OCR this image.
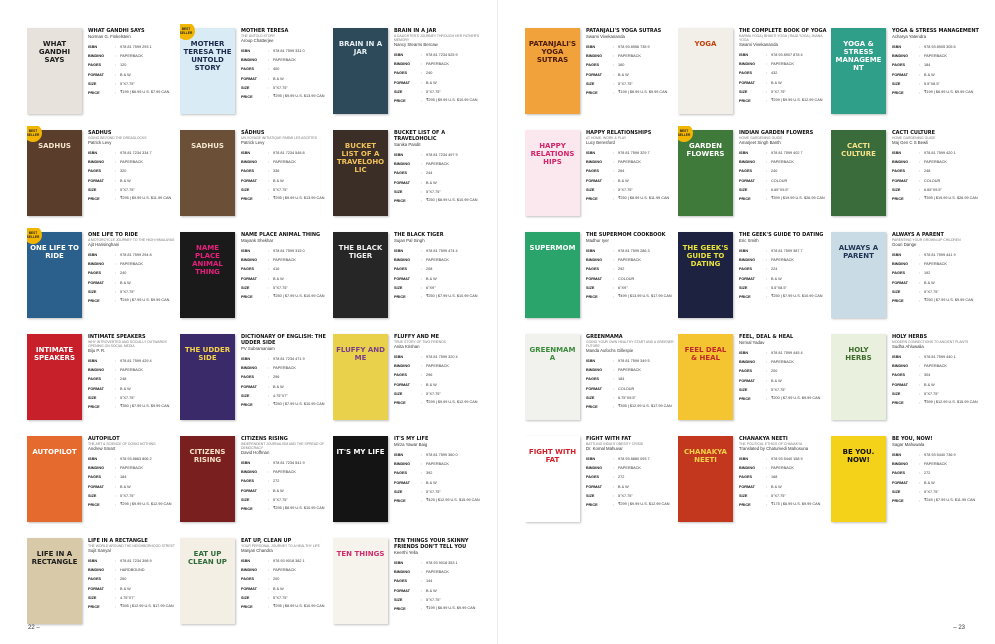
WHAT GANDHI SAYS
WHAT GANDHI SAYS
Norman G. Finkelstein
ISBN	:	978 81 7599 293 1
BINDING	:	PAPERBACK
PAGES	:	120
FORMAT	:	B & W
SIZE	:	5"X7.75"
PRICE	:	₹199 | $6.99 U.S. $7.99 CAN
MOTHER TERESA THE UNTOLD STORY
MOTHER TERESA
THE UNTOLD STORY
Aroup Chatterjee
ISBN	:	978 81 7599 331 0
BINDING	:	PAPERBACK
PAGES	:	400
FORMAT	:	B & W
SIZE	:	5"X7.75"
PRICE	:	₹295 | $9.99 U.S. $13.99 CAN
BEST SELLER
BRAIN IN A JAR
BRAIN IN A JAR
A DAUGHTER'S JOURNEY THROUGH HER FATHER'S MEMORY
Nancy Stearns Bercaw
ISBN	:	978 81 7234 525 9
BINDING	:	PAPERBACK
PAGES	:	240
FORMAT	:	B & W
SIZE	:	5"X7.75"
PRICE	:	₹295 | $9.99 U.S. $10.99 CAN
SADHUS
SADHUS
GOING BEYOND THE DREADLOCKS
Patrick Levy
ISBN	:	978 81 7234 334 7
BINDING	:	PAPERBACK
PAGES	:	320
FORMAT	:	B & W
SIZE	:	5"X7.75"
PRICE	:	₹295 | $9.99 U.S. $11.99 CAN
BEST SELLER
SADHUS
SĀDHUS
UN VOYAGE INITIATIQUE PARMI LES ASCÈTES
Patrick Levy
ISBN	:	978 81 7234 548 8
BINDING	:	PAPERBACK
PAGES	:	336
FORMAT	:	B & W
SIZE	:	5"X7.75"
PRICE	:	₹295 | $9.99 U.S. $13.99 CAN
BUCKET LIST OF A TRAVELOHOLIC
BUCKET LIST OF A TRAVELOHOLIC
Sanika Pandit
ISBN	:	978 81 7234 497 9
BINDING	:	PAPERBACK
PAGES	:	244
FORMAT	:	B & W
SIZE	:	5"X7.75"
PRICE	:	₹250 | $8.99 U.S. $10.99 CAN
ONE LIFE TO RIDE
ONE LIFE TO RIDE
A MOTORCYCLE JOURNEY TO THE HIGH HIMALAYAS
Ajit Harisinghani
ISBN	:	978 81 7599 294 8
BINDING	:	PAPERBACK
PAGES	:	240
FORMAT	:	B & W
SIZE	:	5"X7.75"
PRICE	:	₹249 | $7.99 U.S. $9.99 CAN
BEST SELLER
NAME PLACE ANIMAL THING
NAME PLACE ANIMAL THING
Mayank Shekhar
ISBN	:	978 81 7599 315 0
BINDING	:	PAPERBACK
PAGES	:	416
FORMAT	:	B & W
SIZE	:	5"X7.75"
PRICE	:	₹250 | $7.99 U.S. $10.99 CAN
THE BLACK TIGER
THE BLACK TIGER
Sujan Pal Singh
ISBN	:	978 81 7599 474 4
BINDING	:	PAPERBACK
PAGES	:	208
FORMAT	:	B & W
SIZE	:	6"X9"
PRICE	:	₹250 | $7.99 U.S. $10.99 CAN
INTIMATE SPEAKERS
INTIMATE SPEAKERS
WHY INTROVERTED AND SOCIALLY OUTWARDS OPENING ON SOCIAL MEDIA
Biju P. R.
ISBN	:	978 81 7599 429 4
BINDING	:	PAPERBACK
PAGES	:	248
FORMAT	:	B & W
SIZE	:	5"X7.75"
PRICE	:	₹350 | $7.99 U.S. $9.99 CAN
THE UDDER SIDE
DICTIONARY OF ENGLISH: THE UDDER SIDE
PV Subramaniam
ISBN	:	978 81 7234 471 9
BINDING	:	PAPERBACK
PAGES	:	296
FORMAT	:	B & W
SIZE	:	4.75"X7"
PRICE	:	₹250 | $7.99 U.S. $10.99 CAN
FLUFFY AND ME
FLUFFY AND ME
TRUE STORY OF TWO FRIENDS
Anita Krishan
ISBN	:	978 81 7599 320 4
BINDING	:	PAPERBACK
PAGES	:	296
FORMAT	:	B & W
SIZE	:	5"X7.75"
PRICE	:	₹299 | $9.99 U.S. $12.99 CAN
AUTOPILOT
AUTOPILOT
THE ART & SCIENCE OF DOING NOTHING
Andrew Smart
ISBN	:	978 93 8863 806 2
BINDING	:	PAPERBACK
PAGES	:	184
FORMAT	:	B & W
SIZE	:	5"X7.75"
PRICE	:	₹295 | $9.99 U.S. $12.99 CAN
CITIZENS RISING
CITIZENS RISING
INDEPENDENT JOURNALISM AND THE SPREAD OF DEMOCRACY
David Hoffman
ISBN	:	978 81 7234 541 9
BINDING	:	PAPERBACK
PAGES	:	272
FORMAT	:	B & W
SIZE	:	5"X7.75"
PRICE	:	₹295 | $8.99 U.S. $10.99 CAN
IT'S MY LIFE
IT'S MY LIFE
Mirza Yawar Baig
ISBN	:	978 81 7599 360 0
BINDING	:	PAPERBACK
PAGES	:	392
FORMAT	:	B & W
SIZE	:	5"X7.75"
PRICE	:	₹425 | $12.99 U.S. $15.99 CAN
LIFE IN A RECTANGLE
LIFE IN A RECTANGLE
THE WORLD AROUND THE NEIGHBORHOOD STREET
Sujit Sanyal
ISBN	:	978 81 7234 398 9
BINDING	:	HARDBOUND
PAGES	:	260
FORMAT	:	B & W
SIZE	:	4.75"X7"
PRICE	:	₹395 | $12.99 U.S. $17.99 CAN
EAT UP CLEAN UP
EAT UP, CLEAN UP
YOUR PERSONAL JOURNEY TO A HEALTHY LIFE
Manjari Chandra
ISBN	:	978 93 9018 382 1
BINDING	:	PAPERBACK
PAGES	:	200
FORMAT	:	B & W
SIZE	:	5"X7.75"
PRICE	:	₹295 | $8.99 U.S. $10.99 CAN
TEN THINGS
TEN THINGS YOUR SKINNY FRIENDS DON'T TELL YOU
Keerthi Yella
ISBN	:	978 93 9018 353 1
BINDING	:	PAPERBACK
PAGES	:	144
FORMAT	:	B & W
SIZE	:	5"X7.75"
PRICE	:	₹199 | $6.99 U.S. $9.99 CAN
22 –
PATANJALI'S YOGA SUTRAS
PATANJALI'S YOGA SUTRAS
Swami Vivekananda
ISBN	:	978 93 8956 735 9
BINDING	:	PAPERBACK
PAGES	:	160
FORMAT	:	B & W
SIZE	:	5"X7.75"
PRICE	:	₹199 | $6.99 U.S. $9.99 CAN
YOGA
THE COMPLETE BOOK OF YOGA
KARMA YOGA | BHAKTI YOGA | RAJA YOGA | JNANA YOGA
Swami Vivekananda
ISBN	:	978 93 8907 878 4
BINDING	:	PAPERBACK
PAGES	:	432
FORMAT	:	B & W
SIZE	:	5"X7.75"
PRICE	:	₹299 | $9.99 U.S. $12.99 CAN
YOGA & STRESS MANAGEMENT
YOGA & STRESS MANAGEMENT
Acharya Yatendra
ISBN	:	978 93 8905 305 6
BINDING	:	PAPERBACK
PAGES	:	184
FORMAT	:	B & W
SIZE	:	5.5"X8.5"
PRICE	:	₹199 | $6.99 U.S. $9.99 CAN
HAPPY RELATIONSHIPS
HAPPY RELATIONSHIPS
AT HOME, WORK & PLAY
Lucy Beresford
ISBN	:	978 81 7599 329 7
BINDING	:	PAPERBACK
PAGES	:	264
FORMAT	:	B & W
SIZE	:	5"X7.75"
PRICE	:	₹250 | $8.99 U.S. $11.99 CAN
GARDEN FLOWERS
INDIAN GARDEN FLOWERS
HOME GARDENING GUIDE
Amarjeet Singh Banth
ISBN	:	978 81 7599 402 7
BINDING	:	PAPERBACK
PAGES	:	240
FORMAT	:	COLOUR
SIZE	:	6.65"X9.5"
PRICE	:	₹399 | $19.99 U.S. $26.99 CAN
BEST SELLER
CACTI CULTURE
CACTI CULTURE
HOME GARDENING GUIDE
Maj Gen C S Bewli
ISBN	:	978 81 7599 420 1
BINDING	:	PAPERBACK
PAGES	:	248
FORMAT	:	COLOUR
SIZE	:	6.65"X9.5"
PRICE	:	₹395 | $19.99 U.S. $26.99 CAN
SUPERMOM
THE SUPERMOM COOKBOOK
Madhur Iyer
ISBN	:	978 81 7599 286 3
BINDING	:	PAPERBACK
PAGES	:	292
FORMAT	:	COLOUR
SIZE	:	6"X9"
PRICE	:	₹499 | $13.99 U.S. $17.99 CAN
THE GEEK'S GUIDE TO DATING
THE GEEK'S GUIDE TO DATING
Eric Smith
ISBN	:	978 81 7599 387 7
BINDING	:	PAPERBACK
PAGES	:	224
FORMAT	:	B & W
SIZE	:	5.5"X8.5"
PRICE	:	₹250 | $7.99 U.S. $10.99 CAN
ALWAYS A PARENT
ALWAYS A PARENT
PARENTING YOUR GROWN-UP CHILDREN
Gouri Dange
ISBN	:	978 81 7599 441 9
BINDING	:	PAPERBACK
PAGES	:	192
FORMAT	:	B & W
SIZE	:	5"X7.75"
PRICE	:	₹250 | $7.99 U.S. $9.99 CAN
GREENMAMA
GREENMAMA
GOING YOUR OWN HEALTHY START AND A GREENER FUTURE
Manda Aufochs Gillespie
ISBN	:	978 81 7599 349 5
BINDING	:	PAPERBACK
PAGES	:	184
FORMAT	:	COLOUR
SIZE	:	6.75"X9.5"
PRICE	:	₹395 | $12.99 U.S. $17.99 CAN
FEEL DEAL & HEAL
FEEL, DEAL & HEAL
Nirmal Yadav
ISBN	:	978 81 7599 445 4
BINDING	:	PAPERBACK
PAGES	:	200
FORMAT	:	B & W
SIZE	:	5"X7.75"
PRICE	:	₹200 | $7.99 U.S. $9.99 CAN
HOLY HERBS
HOLY HERBS
MODERN CONNECTIONS TO ANCIENT PLANTS
Sudha Ahluwalia
ISBN	:	978 81 7599 440 1
BINDING	:	PAPERBACK
PAGES	:	304
FORMAT	:	B & W
SIZE	:	5"X7.75"
PRICE	:	₹399 | $12.99 U.S. $15.99 CAN
FIGHT WITH FAT
FIGHT WITH FAT
BATTLING INDIA'S OBESITY CRISIS
Dr. Komal Mahuvar
ISBN	:	978 93 8880 093 7
BINDING	:	PAPERBACK
PAGES	:	272
FORMAT	:	B & W
SIZE	:	5"X7.75"
PRICE	:	₹299 | $9.99 U.S. $12.99 CAN
CHANAKYA NEETI
CHANAKYA NEETI
THE POLITICAL ETHICS OF CHANAKYA
Translated by Chaturvedi Mahosuna
ISBN	:	978 93 5440 158 9
BINDING	:	PAPERBACK
PAGES	:	168
FORMAT	:	B & W
SIZE	:	5"X7.75"
PRICE	:	₹175 | $6.99 U.S. $9.99 CAN
BE YOU. NOW!
BE YOU, NOW!
Sagar Mahuwala
ISBN	:	978 93 5440 736 9
BINDING	:	PAPERBACK
PAGES	:	272
FORMAT	:	B & W
SIZE	:	5"X7.75"
PRICE	:	₹249 | $7.99 U.S. $11.99 CAN
– 23
